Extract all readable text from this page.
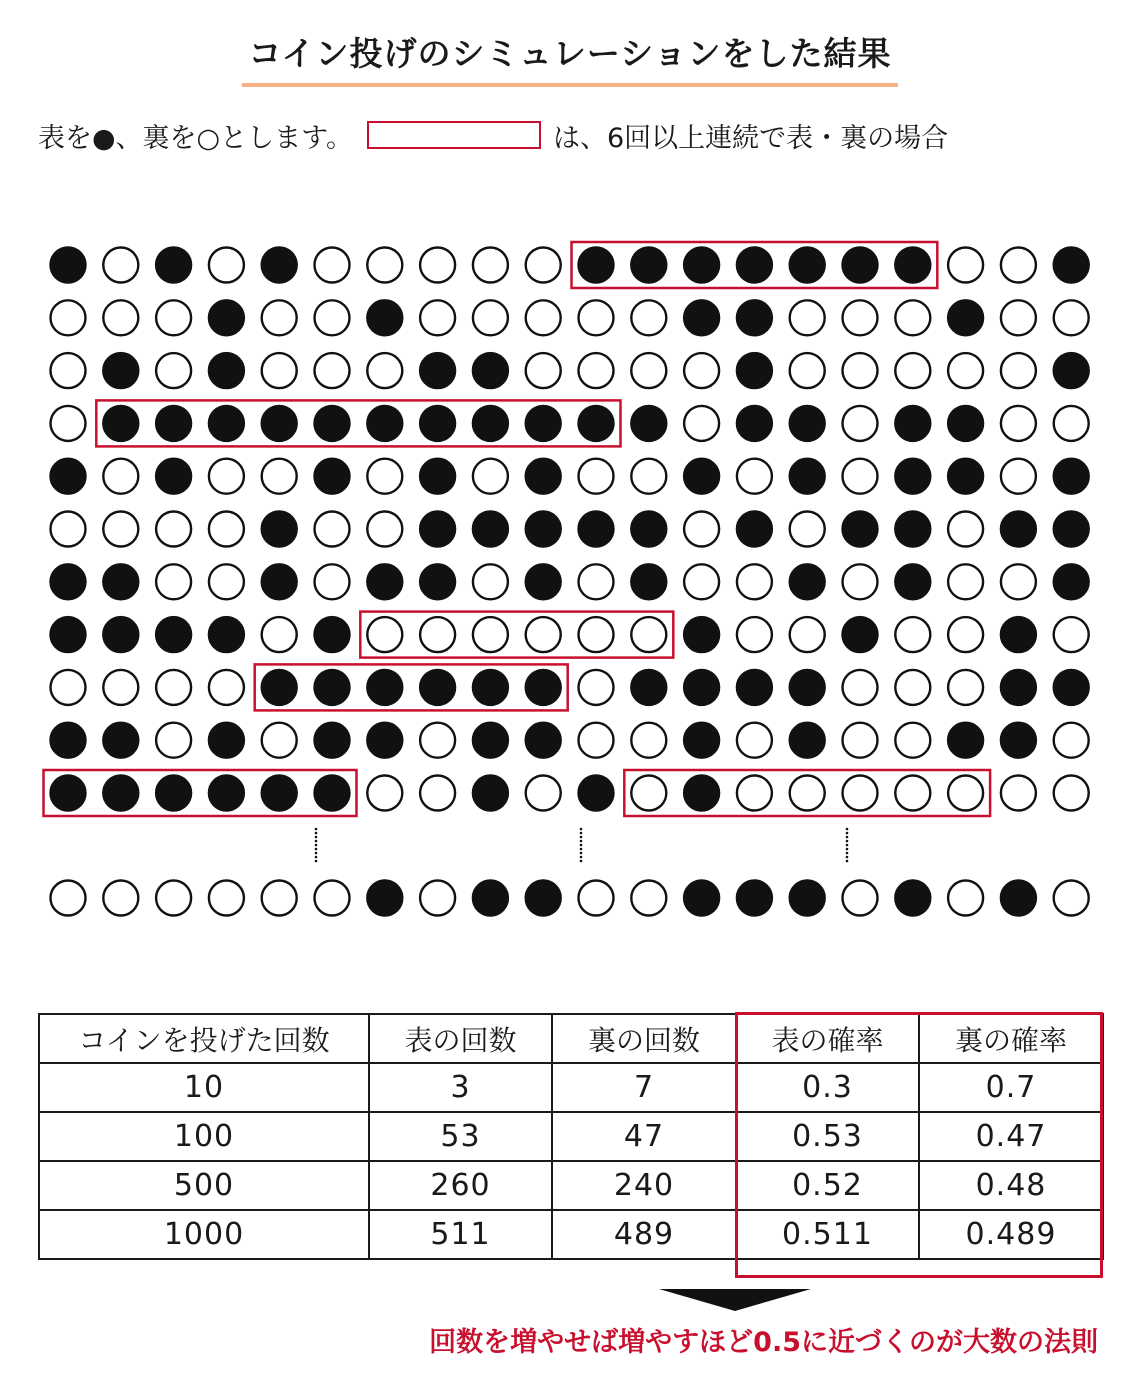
コイン投げのシミュレーションをした結果
表を●、裏を○とします。	は、6回以上連続で表・裏の場合
コインを投げた回数	表の回数	裏の回数	表の確率	裏の確率
10	3	7	0.3	0.7
100	53	47	0.53	0.47
500	260	240	0.52	0.48
1000	511	489	0.511	0.489
回数を増やせば増やすほど0.5に近づくのが大数の法則
